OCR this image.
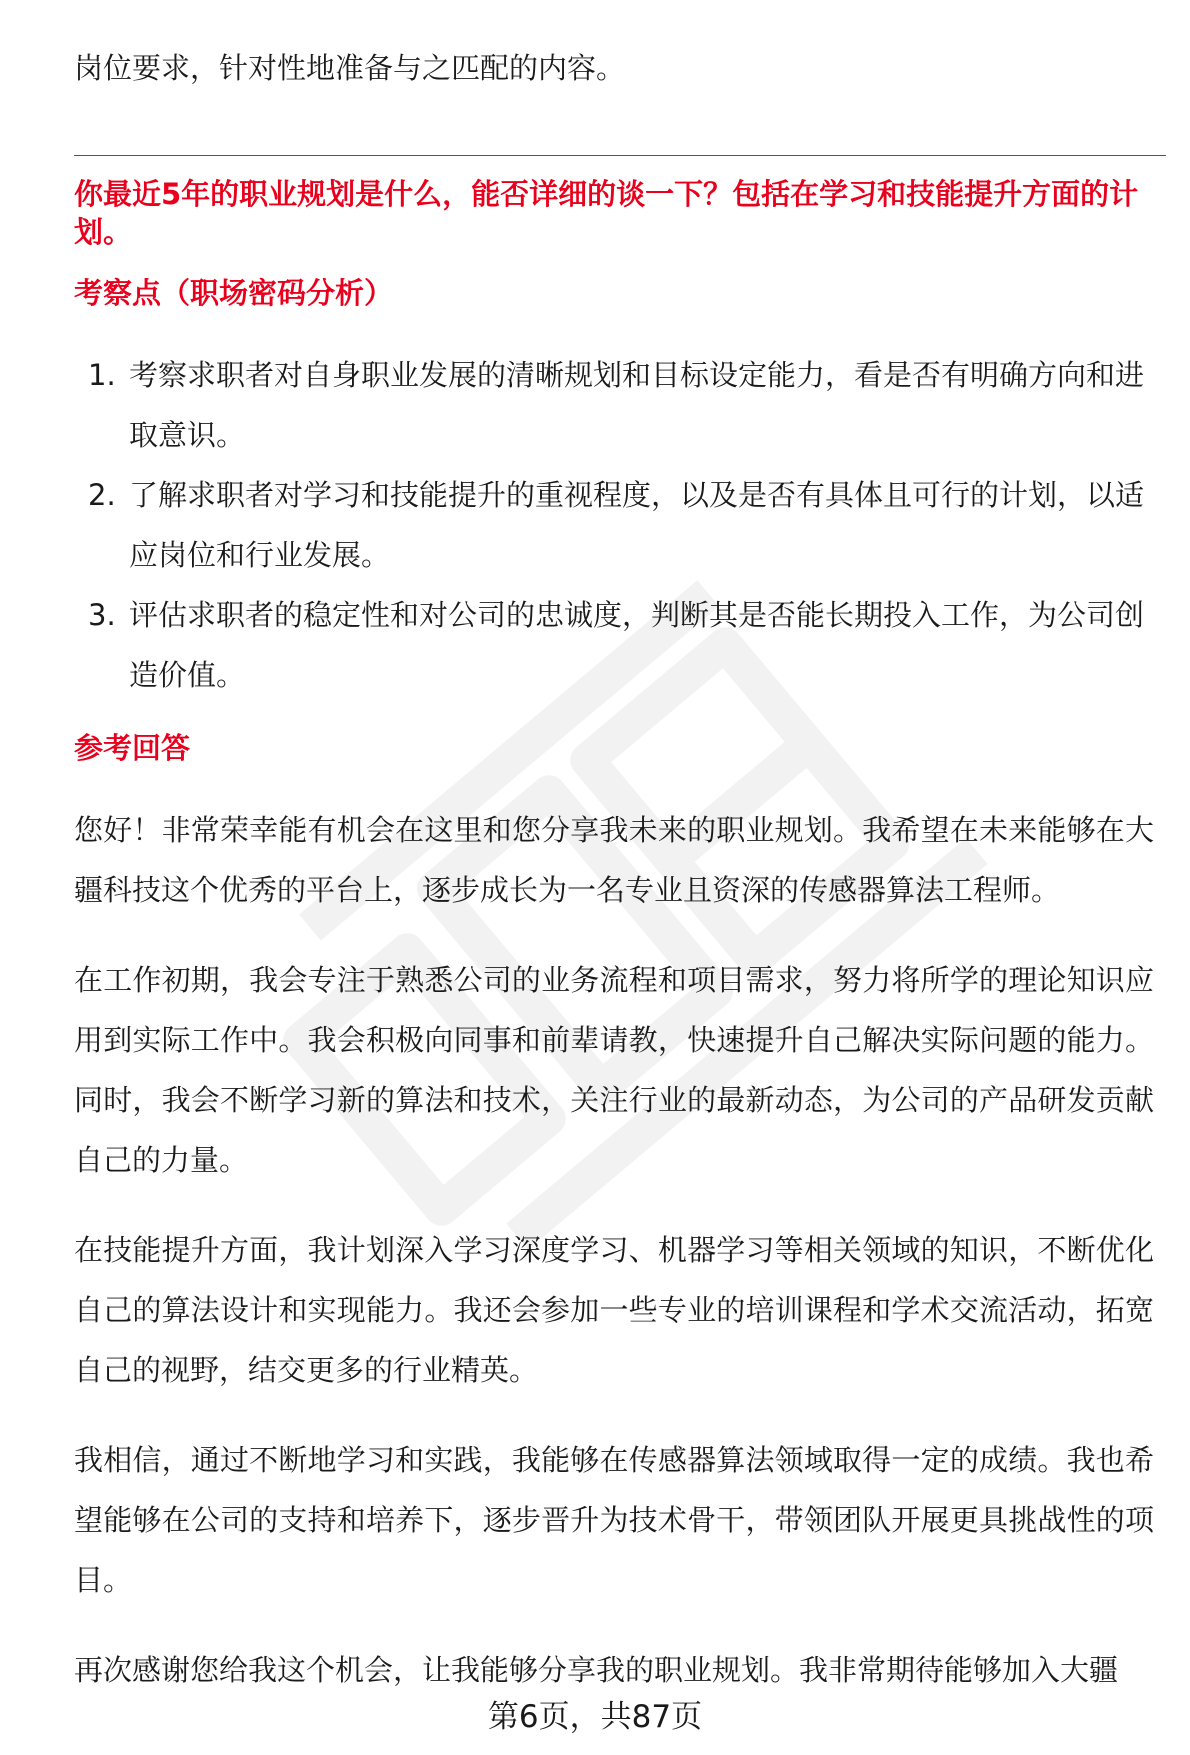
岗位要求，针对性地准备与之匹配的内容。
你最近5年的职业规划是什么，能否详细的谈一下？包括在学习和技能提升方面的计划。
考察点（职场密码分析）
1. 考察求职者对自身职业发展的清晰规划和目标设定能力，看是否有明确方向和进取意识。
2. 了解求职者对学习和技能提升的重视程度，以及是否有具体且可行的计划，以适应岗位和行业发展。
3. 评估求职者的稳定性和对公司的忠诚度，判断其是否能长期投入工作，为公司创造价值。
参考回答

您好！非常荣幸能有机会在这里和您分享我未来的职业规划。我希望在未来能够在大疆科技这个优秀的平台上，逐步成长为一名专业且资深的传感器算法工程师。

在工作初期，我会专注于熟悉公司的业务流程和项目需求，努力将所学的理论知识应用到实际工作中。我会积极向同事和前辈请教，快速提升自己解决实际问题的能力。同时，我会不断学习新的算法和技术，关注行业的最新动态，为公司的产品研发贡献自己的力量。

在技能提升方面，我计划深入学习深度学习、机器学习等相关领域的知识，不断优化自己的算法设计和实现能力。我还会参加一些专业的培训课程和学术交流活动，拓宽自己的视野，结交更多的行业精英。

我相信，通过不断地学习和实践，我能够在传感器算法领域取得一定的成绩。我也希望能够在公司的支持和培养下，逐步晋升为技术骨干，带领团队开展更具挑战性的项目。

再次感谢您给我这个机会，让我能够分享我的职业规划。我非常期待能够加入大疆

第6页，共87页
